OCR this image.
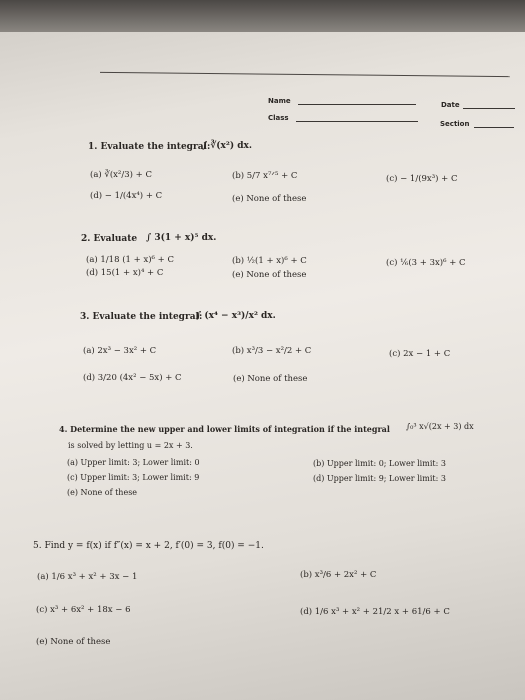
Name	Date
Class
Section
1. Evaluate the integral:
∫ ∛(x²) dx.
(a) ∛(x²/3) + C	(b) 5/7 x⁷ᐟ⁵ + C	(c) − 1/(9x³) + C
(d) − 1/(4x⁴) + C	(e) None of these
2. Evaluate ∫ 3(1 + x)⁵ dx.
(a) 1/18 (1 + x)⁶ + C	(b) ½(1 + x)⁶ + C	(c) ⅙(3 + 3x)⁶ + C
(d) 15(1 + x)⁴ + C	(e) None of these
3. Evaluate the integral:
∫ (x⁴ − x³)/x² dx.
(a) 2x³ − 3x² + C	(b) x³/3 − x²/2 + C	(c) 2x − 1 + C
(d) 3/20 (4x² − 5x) + C	(e) None of these
4. Determine the new upper and lower limits of integration if the integral ∫₀³ x√(2x + 3) dx
is solved by letting u = 2x + 3.
(a) Upper limit: 3; Lower limit: 0	(b) Upper limit: 0; Lower limit: 3
(c) Upper limit: 3; Lower limit: 9	(d) Upper limit: 9; Lower limit: 3
(e) None of these
5. Find y = f(x) if f″(x) = x + 2, f′(0) = 3, f(0) = −1.
(a) 1/6 x³ + x² + 3x − 1	(b) x³/6 + 2x² + C
(c) x³ + 6x² + 18x − 6	(d) 1/6 x³ + x² + 21/2 x + 61/6 + C
(e) None of these
